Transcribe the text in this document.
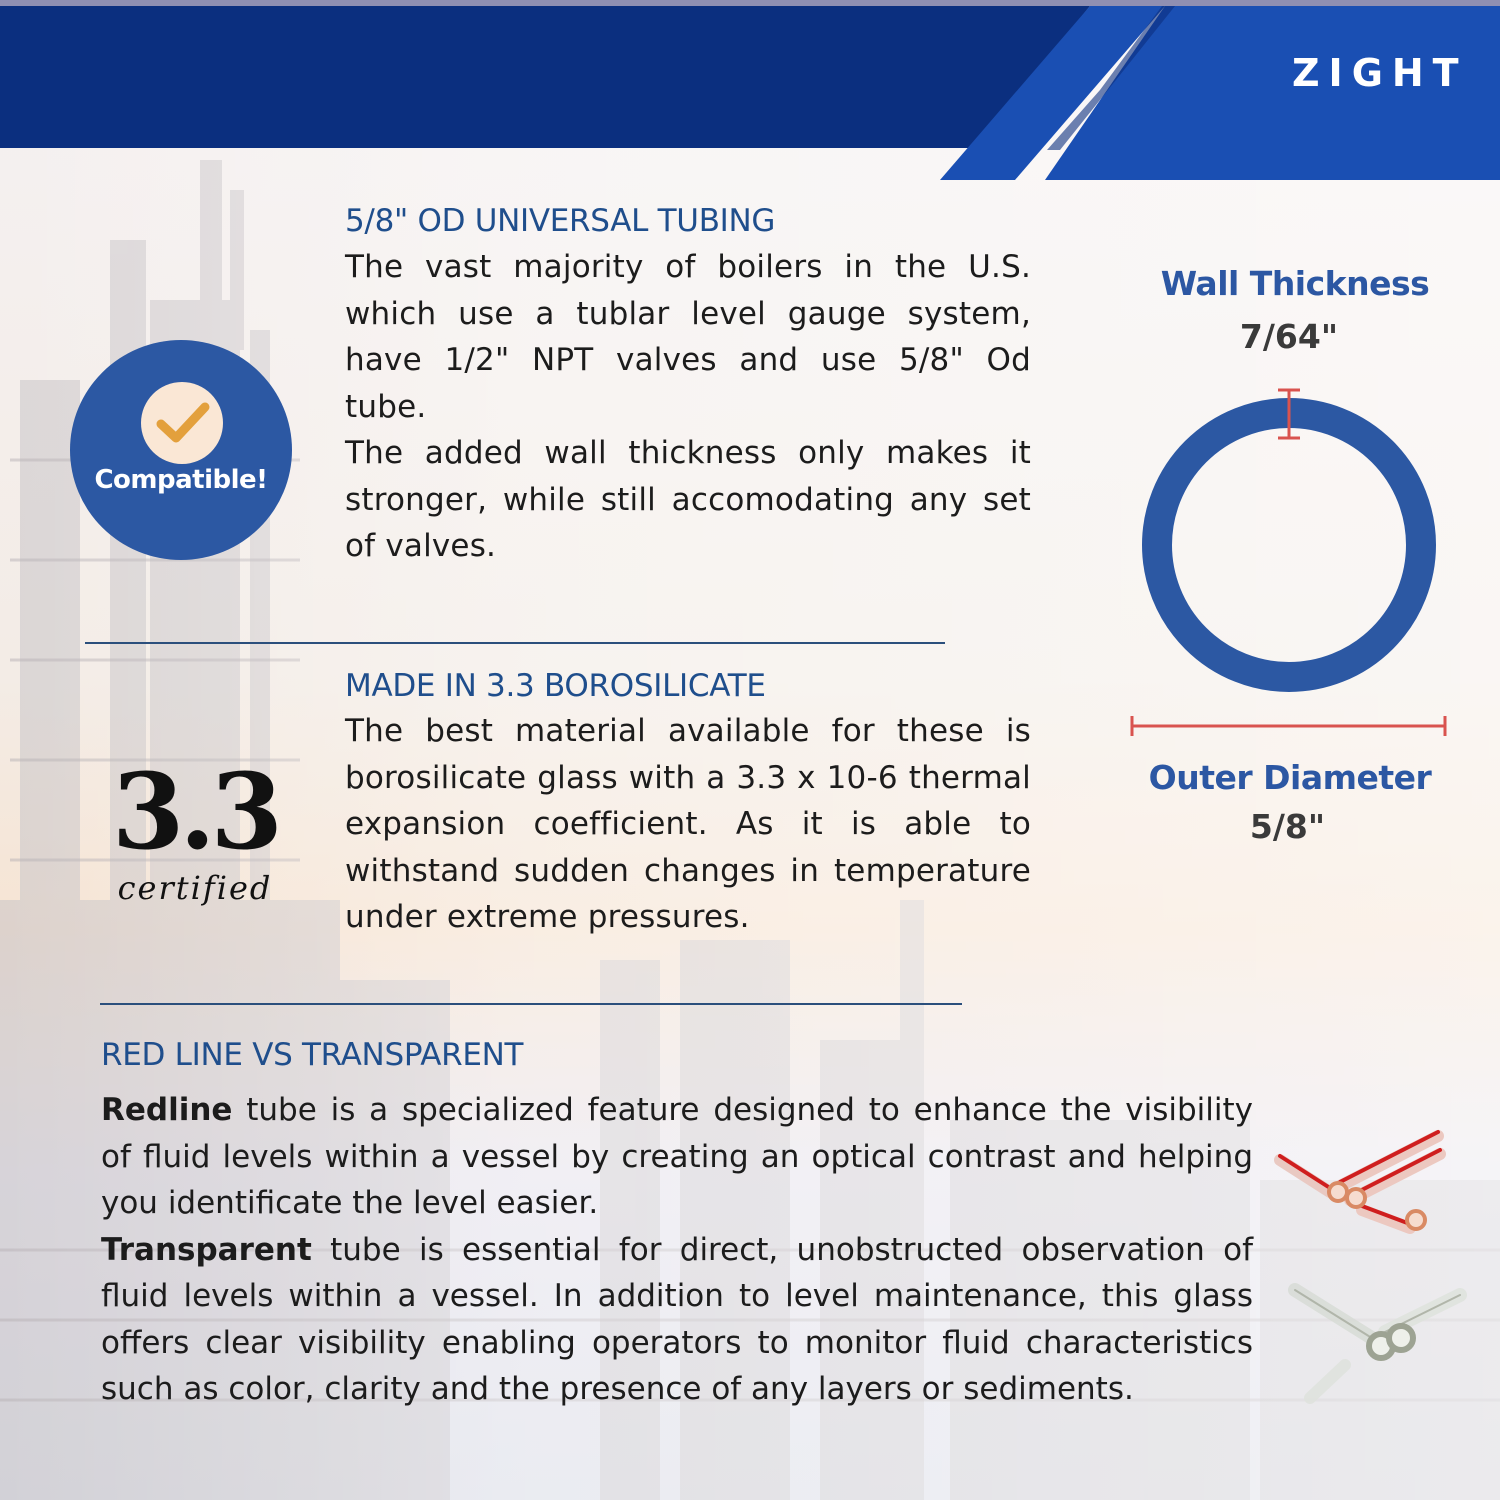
ZIGHT
Compatible!
5/8" OD UNIVERSAL TUBING

The vast majority of boilers in the U.S. which use a tublar level gauge system, have 1/2" NPT valves and use 5/8" Od tube.

The added wall thickness only makes it stronger, while still accomodating any set of valves.

3.3
certified
MADE IN 3.3 BOROSILICATE

The best material available for these is borosilicate glass with a 3.3 x 10-6 thermal expansion coefficient. As it is able to withstand sudden changes in temperature under extreme pressures.

Wall Thickness
7/64"
Outer Diameter
5/8"
RED LINE VS TRANSPARENT

Redline tube is a specialized feature designed to enhance the visibility of fluid levels within a vessel by creating an optical contrast and helping you identificate the level easier.

Transparent tube is essential for direct, unobstructed observation of fluid levels within a vessel. In addition to level maintenance, this glass offers clear visibility enabling operators to monitor fluid characteristics such as color, clarity and the presence of any layers or sediments.
